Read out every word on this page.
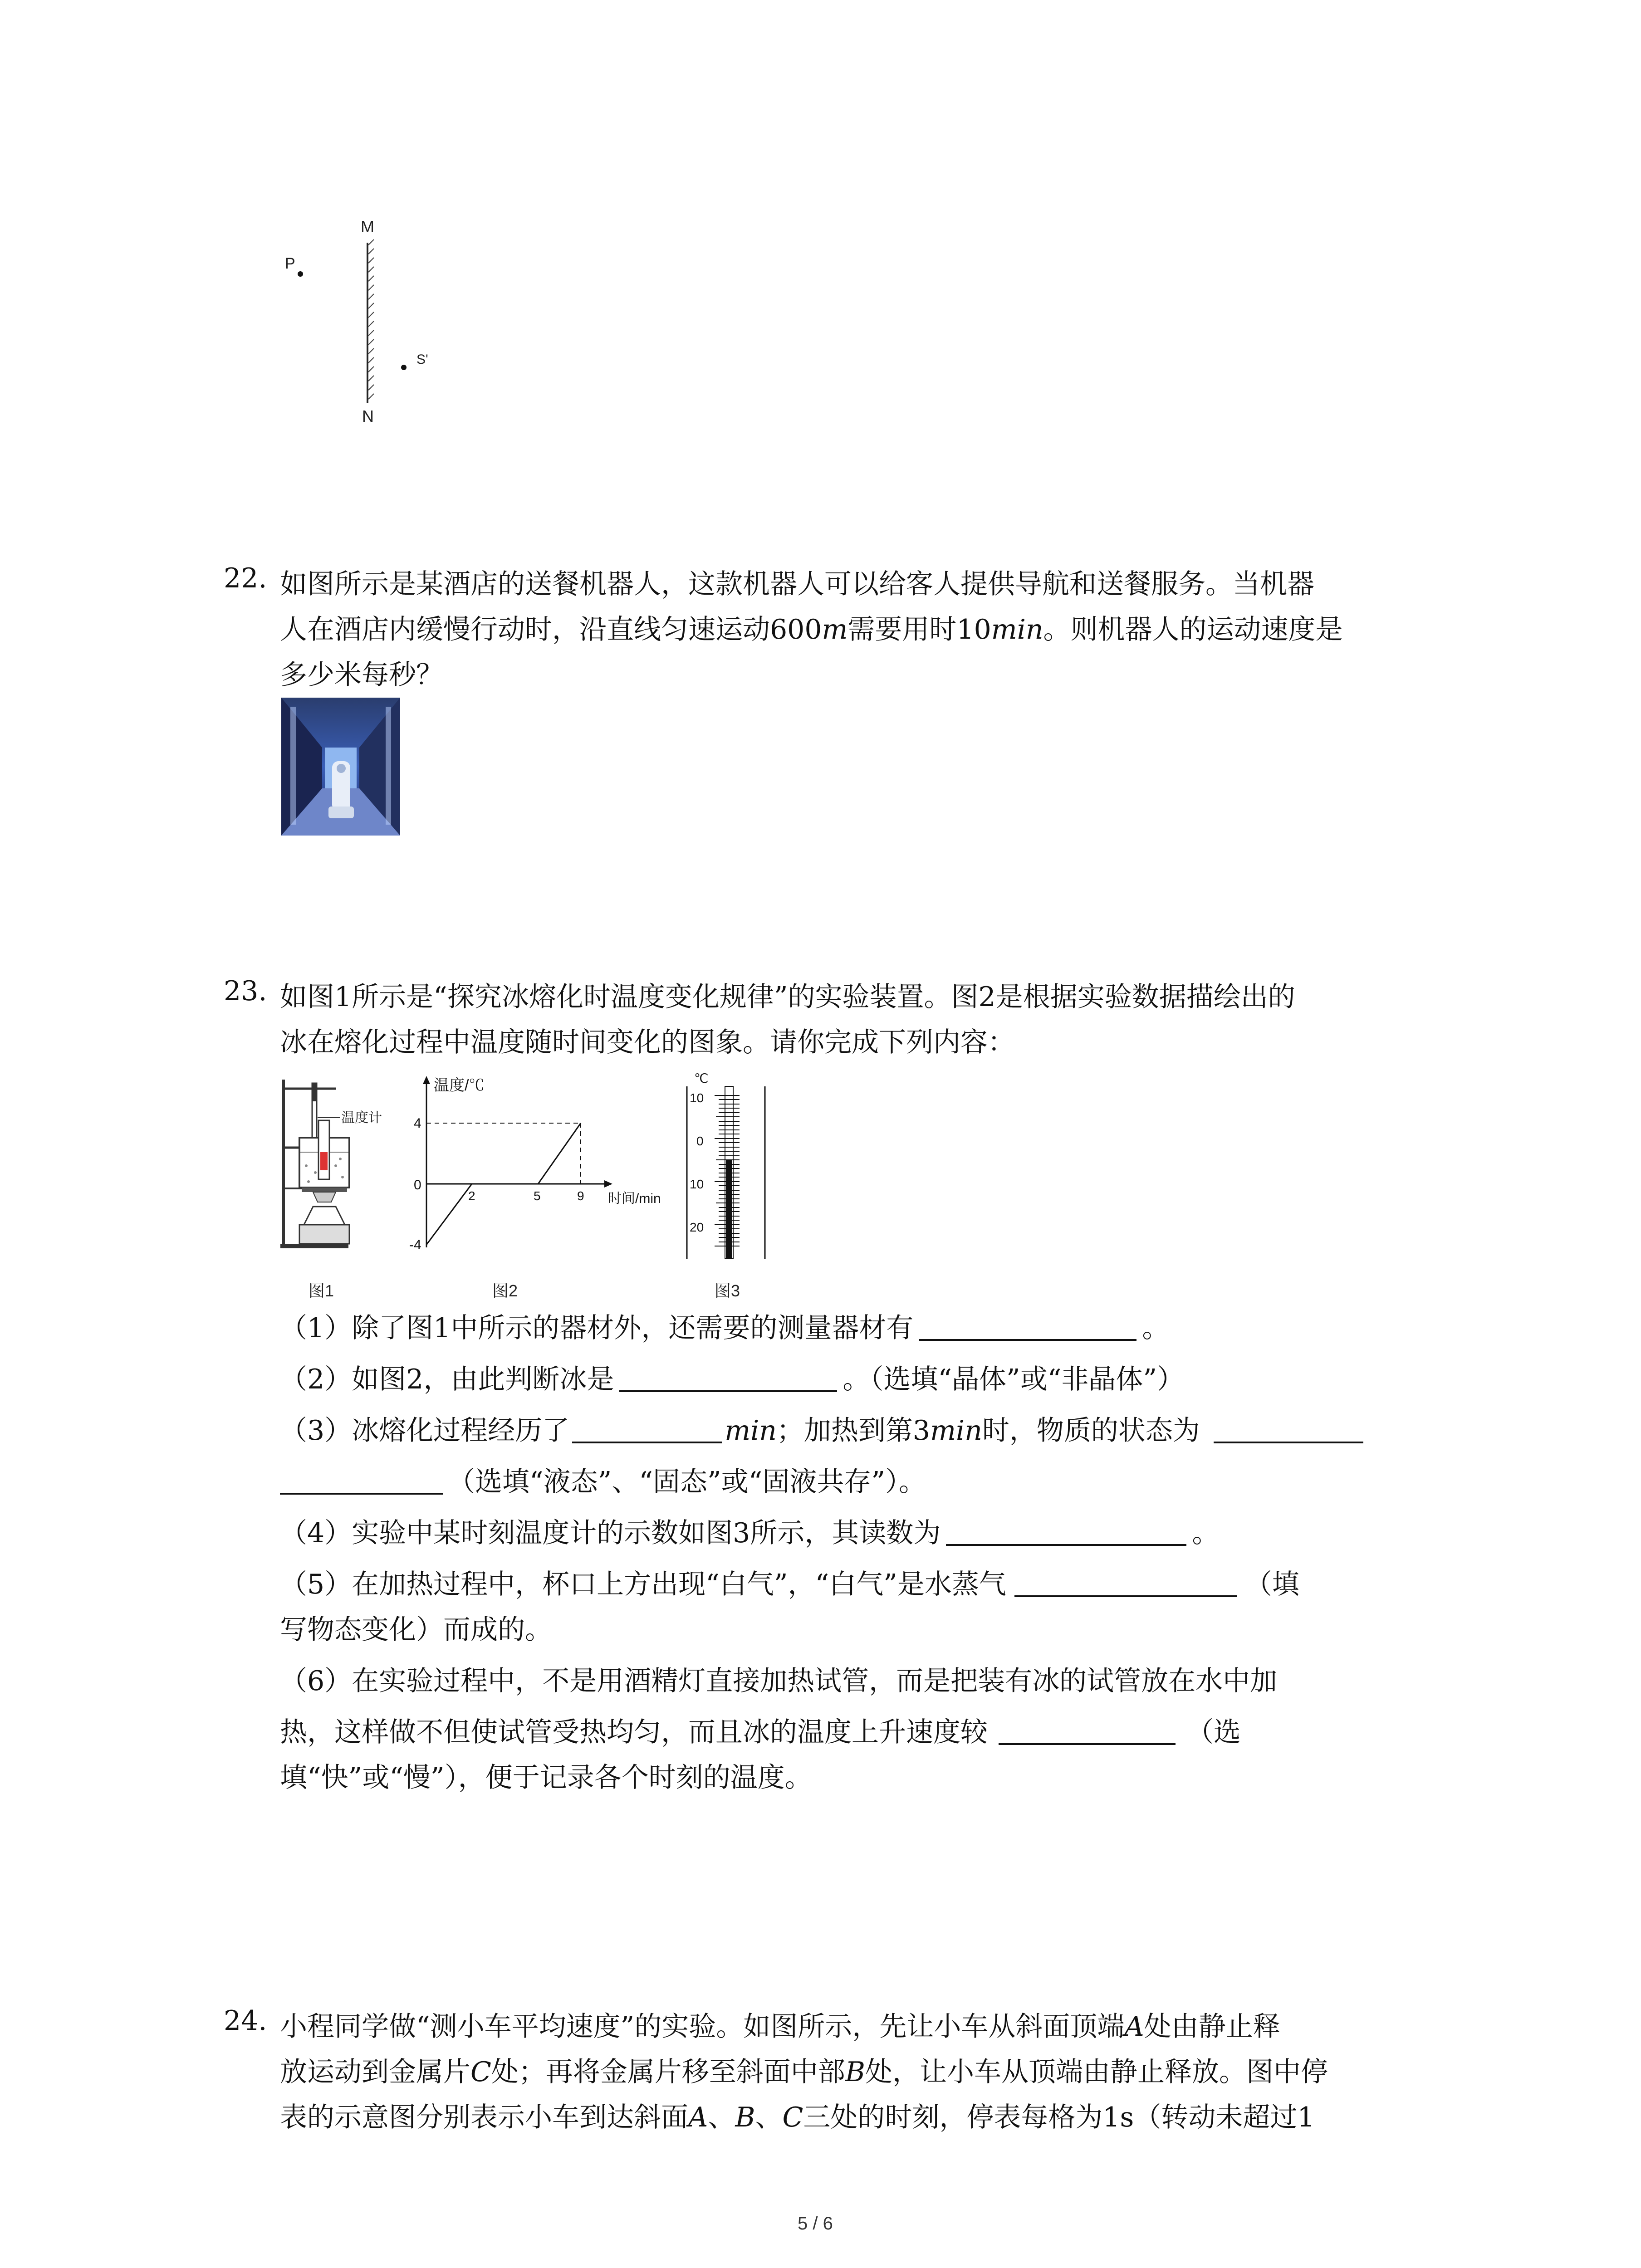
M
P
S'
N
22. 如图所示是某酒店的送餐机器人，这款机器人可以给客人提供导航和送餐服务。当机器
人在酒店内缓慢行动时，沿直线匀速运动600m需要用时10min。则机器人的运动速度是
多少米每秒？
23. 如图1所示是“探究冰熔化时温度变化规律”的实验装置。图2是根据实验数据描绘出的
冰在熔化过程中温度随时间变化的图象。请你完成下列内容：
温度计
图1
温度/℃
时间/min
4
0
-4
2	5	9
图2
℃
10
0
10
20
图3
（1）除了图1中所示的器材外，还需要的测量器材有	。
（2）如图2，由此判断冰是	。（选填“晶体”或“非晶体”）
（3）冰熔化过程经历了	min；加热到第3min时，物质的状态为
（选填“液态”、“固态”或“固液共存”）。
（4）实验中某时刻温度计的示数如图3所示，其读数为	。
（5）在加热过程中，杯口上方出现“白气”，“白气”是水蒸气	（填
写物态变化）而成的。
（6）在实验过程中，不是用酒精灯直接加热试管，而是把装有冰的试管放在水中加
热，这样做不但使试管受热均匀，而且冰的温度上升速度较	（选
填“快”或“慢”），便于记录各个时刻的温度。
24. 小程同学做“测小车平均速度”的实验。如图所示，先让小车从斜面顶端A处由静止释
放运动到金属片C处；再将金属片移至斜面中部B处，让小车从顶端由静止释放。图中停
表的示意图分别表示小车到达斜面A、B、C三处的时刻，停表每格为1s（转动未超过1
5 / 6
